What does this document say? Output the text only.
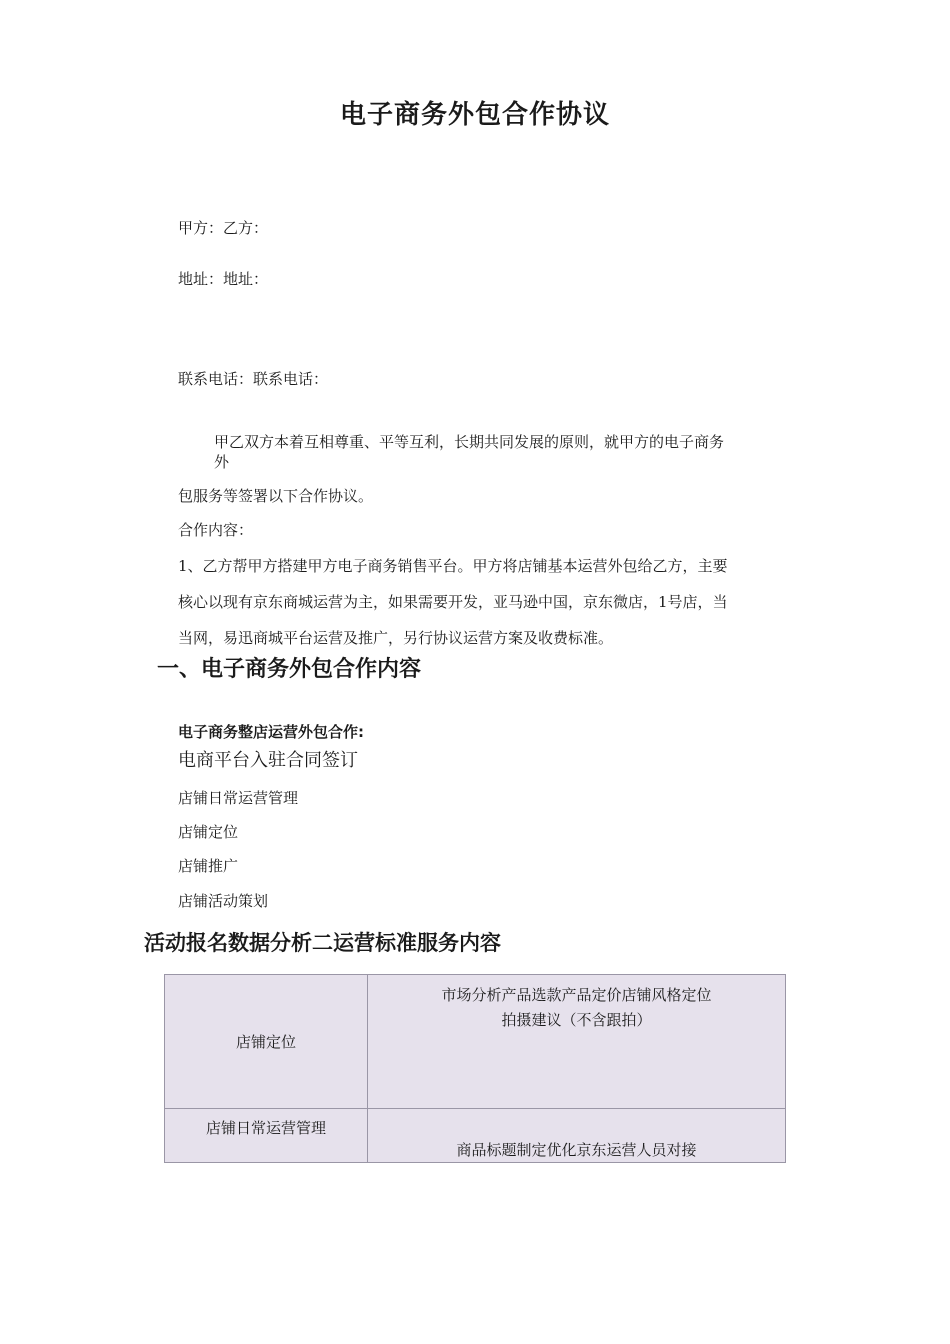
电子商务外包合作协议
甲方：乙方：
地址：地址：
联系电话：联系电话：
甲乙双方本着互相尊重、平等互利，长期共同发展的原则，就甲方的电子商务
外
包服务等签署以下合作协议。
合作内容：
1、乙方帮甲方搭建甲方电子商务销售平台。甲方将店铺基本运营外包给乙方，主要
核心以现有京东商城运营为主，如果需要开发，亚马逊中国，京东微店，1号店，当
当网，易迅商城平台运营及推广，另行协议运营方案及收费标准。
一、电子商务外包合作内容
电子商务整店运营外包合作:
电商平台入驻合同签订
店铺日常运营管理
店铺定位
店铺推广
店铺活动策划
活动报名数据分析二运营标准服务内容
店铺定位	市场分析产品选款产品定价店铺风格定位
拍摄建议（不含跟拍）

店铺日常运营管理	商品标题制定优化京东运营人员对接
